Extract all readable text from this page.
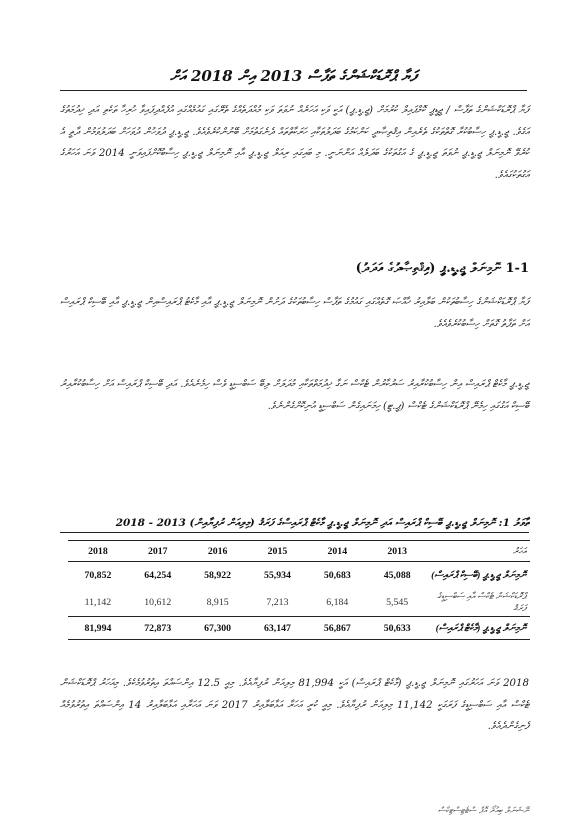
ފަޔާ ޕްރޮޑަކްޝަންގެ ތަފާސް 2013 އިން 2018 އަށް
ފަޔާ ޕްރޮޑަކްޝަންގެ ތަފާސް / ޖީޑީޕީ ކޮމްޕައިލް ކުރުމަށް (ޖީ.ޑީ.ޕީ) އަކީ ވަކި އަހަރެއް ނުވަތަ ވަކި މުއްދަތެއްގެ ތެރޭގައި ގައުމެއްގައި އުފެއްދިފައިވާ ހުރިހާ ތަކެތި އަދި ޚިދުމަތުގެ އަގެވެ. ޖީ.ޑީ.ޕީ ހިސާބުކުރާ ގޮތްތަކުގެ ތެރެއިން އިޤްތިޞާދީ ކަންކަމުގެ ބަދަލުތަކާއި ހަރަކާތްތައް ދެނެގަތުމަށް ބޭނުންކުރެވެއެވެ. ޖީ.ޑީ.ޕީ ދުވަހުން ދުވަހަށް ބަދަލުވަމުން ދާތީ އެ ކުރެވޭ ނޮމިނަލް ޖީ.ޑީ.ޕީ ނުވަތަ ޖީ.ޑީ.ޕީ ގެ އަގުތަކުގެ ބަދަލެއް އަންނަނީ. މި ބައިގައި ރިއަލް ޖީ.ޑީ.ޕީ އާއި ނޮމިނަލް ޖީ.ޑީ.ޕީ ހިސާބުކޮށްފައިވަނީ 2014 ވަނަ އަހަރުގެ އަގުތަކުގައެވެ.
1-1 ނޮމިނަލް ޖީ.ޑީ.ޕީ (އިޤްތިޞާދުގެ އަދަދު)
ފަޔާ ޕްރޮޑަކްޝަންގެ ހިސާބުތަކުން ބަލާއިރު ޚާއްޞަ ގޮތެއްގައި ގައުމުގެ ތަފާސް ހިސާބުތަކުގެ ދަށުން ނޮމިނަލް ޖީ.ޑީ.ޕީ އާއި މާކެޓު ޕްރައިސްއިން ޖީ.ޑީ.ޕީ އާއި ބޭސިކް ޕްރައިސް އަށް ތަފާތު ގޮތަށް ހިސާބުކުރެވެއެވެ.
ޖީ.ޑީ.ޕީ މާކެޓް ޕްރައިސް އިން ހިސާބުކުރާއިރު ސަރުކާރުން ޓެކްސް ނަގާ ޚިދުމަތްތަކާއި މުދަލަށް ލިބޭ ސަބްސިޑީ ވެސް ހިމެނެއެވެ. އަދި ބޭސިކް ޕްރައިސް އަށް ހިސާބުކުރާއިރު ބޭސިކް އަގުގައި ހިމެނޭ ޕްރޮޑަކްޝަންގެ ޓެކްސް (ޕީ.ޓީ) ހިމަނައިގެން ސަބްސިޑީ އުނިކޮށްގެންނެވެ.
ތާވަލު 1: ނޮމިނަލް ޖީ.ޑީ.ޕީ ބޭސިކް ޕްރައިސް އަދި ނޮމިނަލް ޖީ.ޑީ.ޕީ މާކެޓް ޕްރައިސްގެ ފަރަޤު (މިލިއަން ރުފިޔާއިން) 2013 - 2018
2018	2017	2016	2015	2014	2013	އަހަރު
70,852	64,254	58,922	55,934	50,683	45,088	ނޮމިނަލް ޖީ.ޑީ.ޕީ (ބޭސިކް ޕްރައިސް)
11,142	10,612	8,915	7,213	6,184	5,545	ޕްރޮޑަކްޝަން ޓެކްސް އާއި ސަބްސިޑީގެ
ފަރަޤު

81,994	72,873	67,300	63,147	56,867	50,633	ނޮމިނަލް ޖީ.ޑީ.ޕީ (މާކެޓް ޕްރައިސް)
2018 ވަނަ އަހަރުގައި ނޮމިނަލް ޖީ.ޑީ.ޕީ (މާކެޓް ޕްރައިސް) އަކީ 81,994 މިލިއަން ރުފިޔާއެވެ. މިއީ 12.5 އިންސައްތަ އިތުރުވުމެކެވެ. މިއަހަރު ޕްރޮޑަކްޝަން ޓެކްސް އާއި ސަބްސިޑީގެ ފަރަގަކީ 11,142 މިލިއަން ރުފިޔާއެވެ. މިއީ ކުރީ އަހަރާ އަޅާބަލާއިރު 2017 ވަނަ އަހަރާއި އަޅާބަލާއިރު 14 އިންސައްތަ އިތުރުވުމެއް ފެނިގެންދެއެވެ.
ނޭޝަނަލް ބިއުރޯ އޮފް ސްޓެޓިސްޓިކްސް
